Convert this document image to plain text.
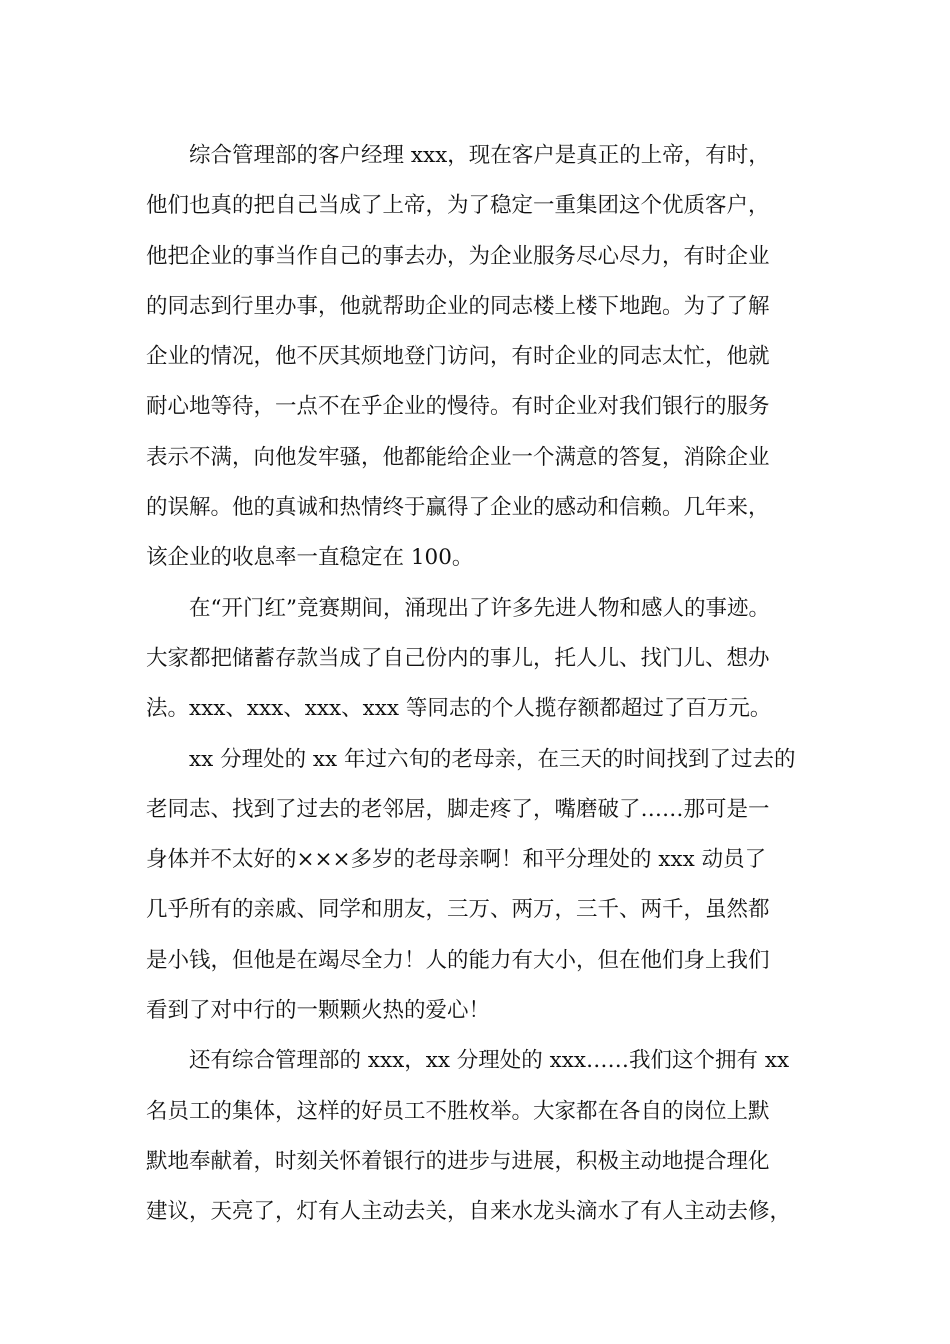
综合管理部的客户经理 xxx，现在客户是真正的上帝，有时，
他们也真的把自己当成了上帝，为了稳定一重集团这个优质客户，
他把企业的事当作自己的事去办，为企业服务尽心尽力，有时企业
的同志到行里办事，他就帮助企业的同志楼上楼下地跑。为了了解
企业的情况，他不厌其烦地登门访问，有时企业的同志太忙，他就
耐心地等待，一点不在乎企业的慢待。有时企业对我们银行的服务
表示不满，向他发牢骚，他都能给企业一个满意的答复，消除企业
的误解。他的真诚和热情终于赢得了企业的感动和信赖。几年来，
该企业的收息率一直稳定在 100。
在“开门红”竞赛期间，涌现出了许多先进人物和感人的事迹。
大家都把储蓄存款当成了自己份内的事儿，托人儿、找门儿、想办
法。xxx、xxx、xxx、xxx 等同志的个人揽存额都超过了百万元。
xx 分理处的 xx 年过六旬的老母亲，在三天的时间找到了过去的
老同志、找到了过去的老邻居，脚走疼了，嘴磨破了……那可是一
身体并不太好的×××多岁的老母亲啊！和平分理处的 xxx 动员了
几乎所有的亲戚、同学和朋友，三万、两万，三千、两千，虽然都
是小钱，但他是在竭尽全力！人的能力有大小，但在他们身上我们
看到了对中行的一颗颗火热的爱心！
还有综合管理部的 xxx，xx 分理处的 xxx……我们这个拥有 xx
名员工的集体，这样的好员工不胜枚举。大家都在各自的岗位上默
默地奉献着，时刻关怀着银行的进步与进展，积极主动地提合理化
建议，天亮了，灯有人主动去关，自来水龙头滴水了有人主动去修，
